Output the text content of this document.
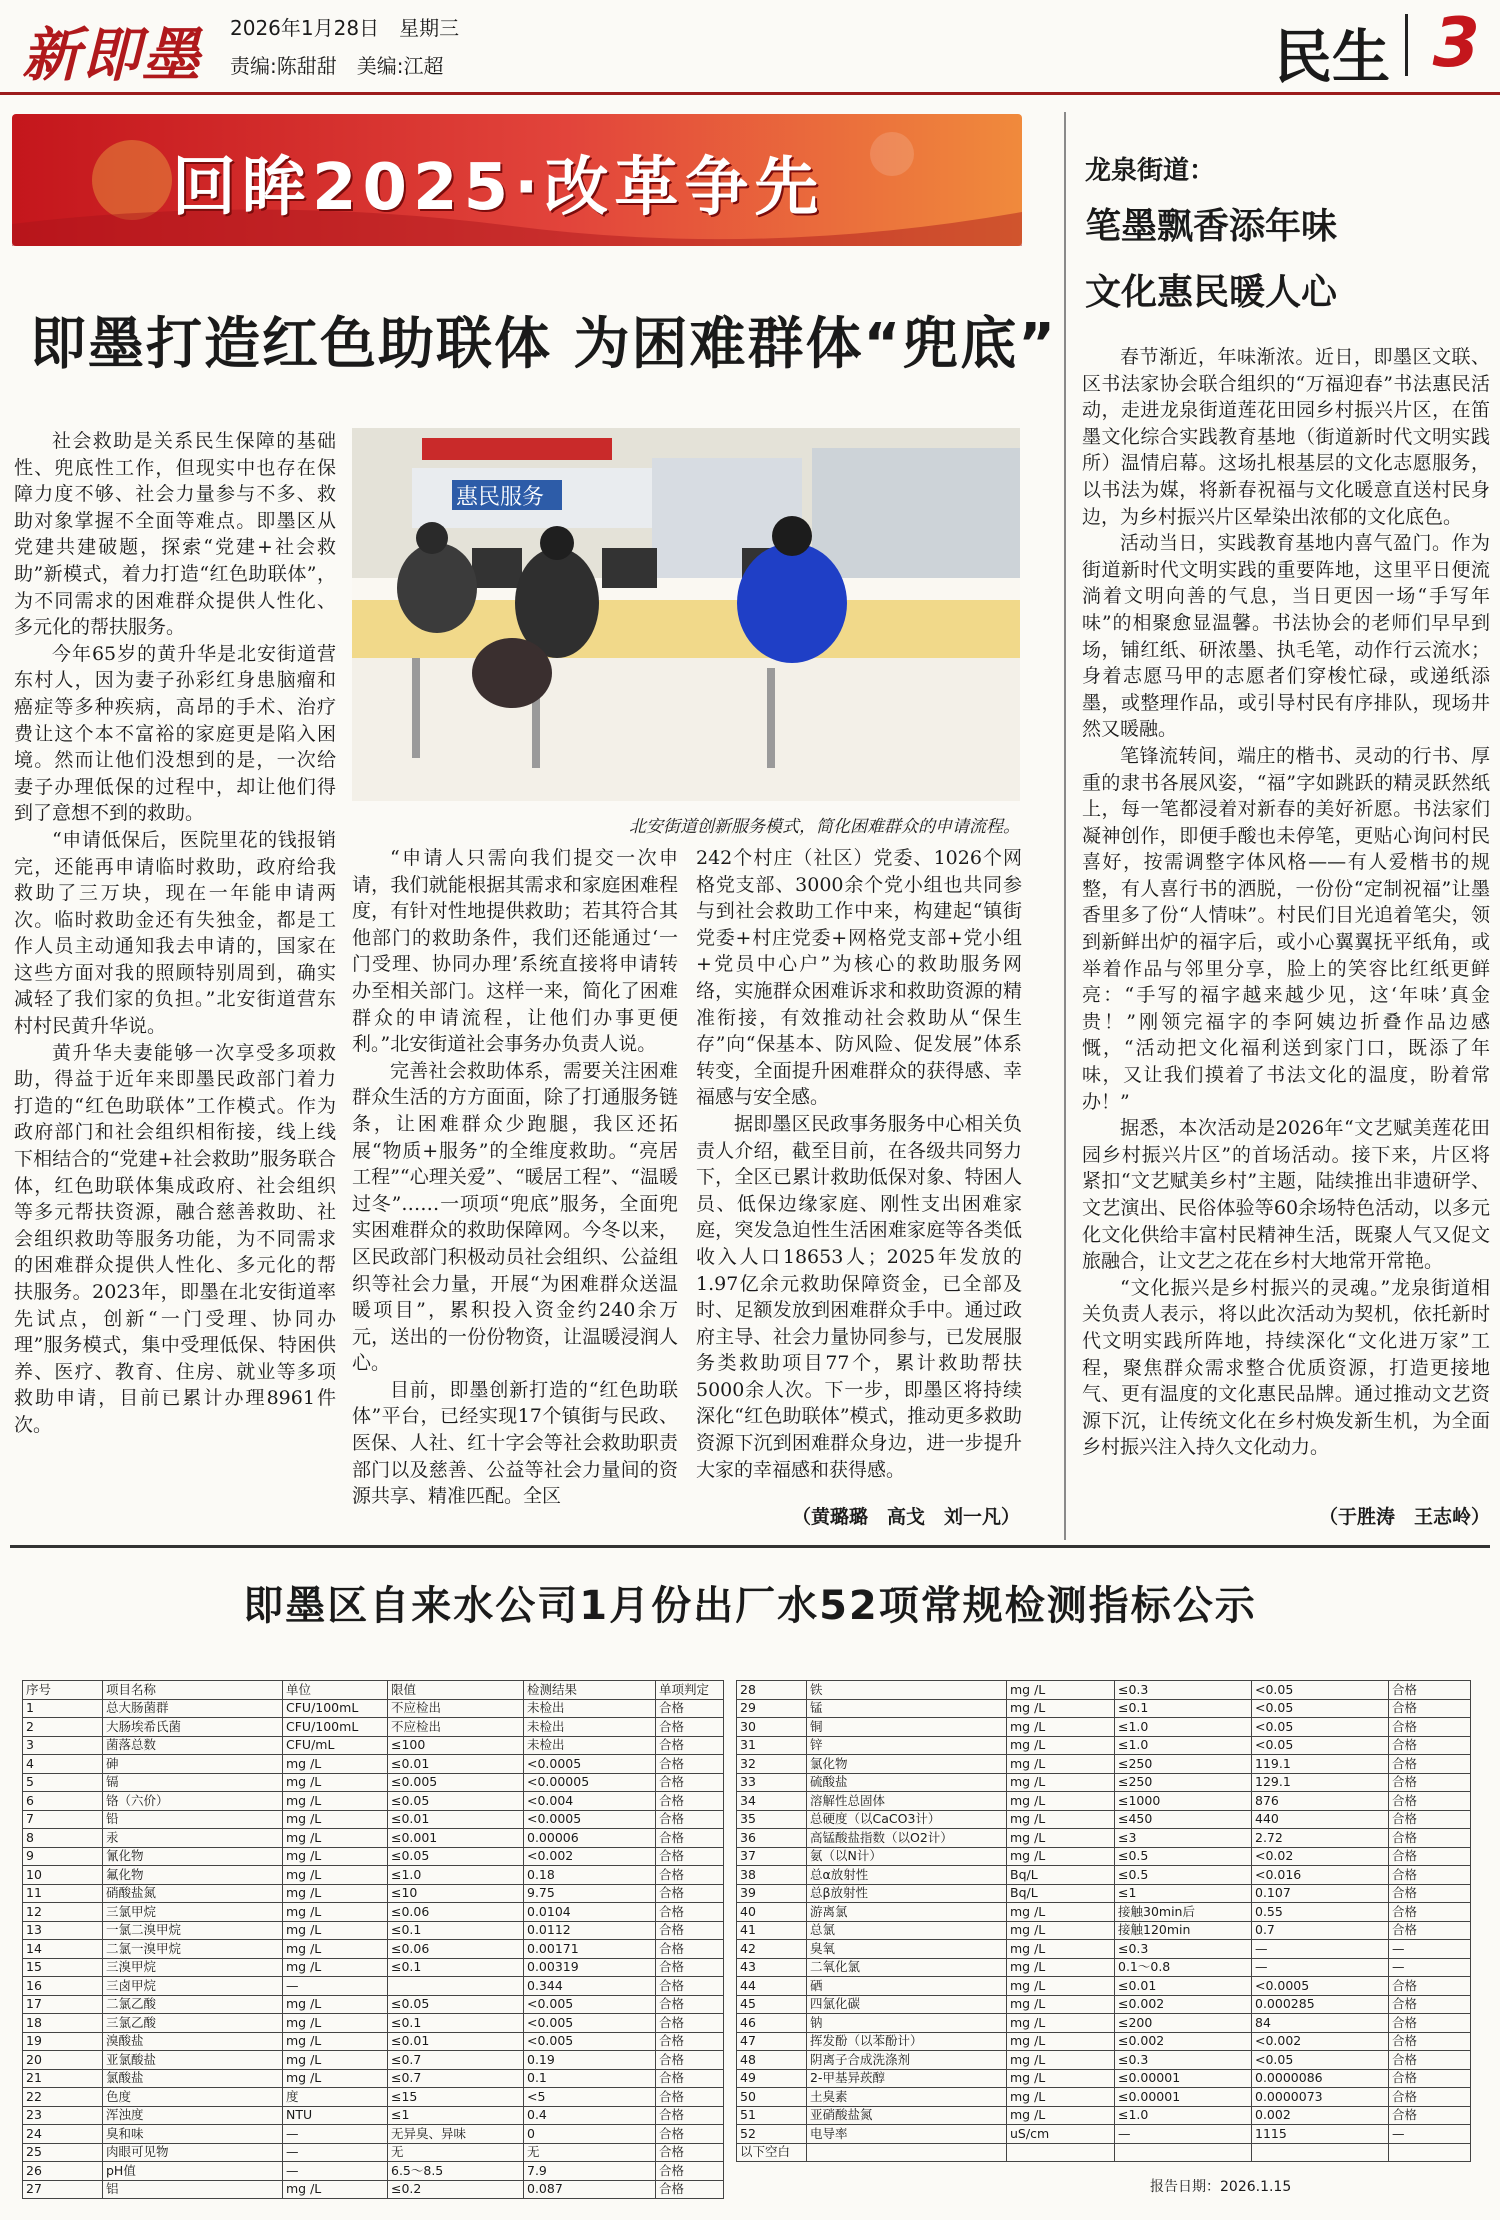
新即墨 2026年1月28日　星期三
责编:陈甜甜　美编:江超	民生 3
回眸2025·改革争先
即墨打造红色助联体 为困难群体“兜底”

社会救助是关系民生保障的基础性、兜底性工作，但现实中也存在保障力度不够、社会力量参与不多、救助对象掌握不全面等难点。即墨区从党建共建破题，探索“党建+社会救助”新模式，着力打造“红色助联体”，为不同需求的困难群众提供人性化、多元化的帮扶服务。

今年65岁的黄升华是北安街道营东村人，因为妻子孙彩红身患脑瘤和癌症等多种疾病，高昂的手术、治疗费让这个本不富裕的家庭更是陷入困境。然而让他们没想到的是，一次给妻子办理低保的过程中，却让他们得到了意想不到的救助。

“申请低保后，医院里花的钱报销完，还能再申请临时救助，政府给我救助了三万块，现在一年能申请两次。临时救助金还有失独金，都是工作人员主动通知我去申请的，国家在这些方面对我的照顾特别周到，确实减轻了我们家的负担。”北安街道营东村村民黄升华说。

黄升华夫妻能够一次享受多项救助，得益于近年来即墨民政部门着力打造的“红色助联体”工作模式。作为政府部门和社会组织相衔接，线上线下相结合的“党建+社会救助”服务联合体，红色助联体集成政府、社会组织等多元帮扶资源，融合慈善救助、社会组织救助等服务功能，为不同需求的困难群众提供人性化、多元化的帮扶服务。2023年，即墨在北安街道率先试点，创新“一门受理、协同办理”服务模式，集中受理低保、特困供养、医疗、教育、住房、就业等多项救助申请，目前已累计办理8961件次。

惠民服务
北安街道创新服务模式，简化困难群众的申请流程。

“申请人只需向我们提交一次申请，我们就能根据其需求和家庭困难程度，有针对性地提供救助；若其符合其他部门的救助条件，我们还能通过‘一门受理、协同办理’系统直接将申请转办至相关部门。这样一来，简化了困难群众的申请流程，让他们办事更便利。”北安街道社会事务办负责人说。

完善社会救助体系，需要关注困难群众生活的方方面面，除了打通服务链条，让困难群众少跑腿，我区还拓展“物质+服务”的全维度救助。“亮居工程”“心理关爱”、“暖居工程”、“温暖过冬”……一项项“兜底”服务，全面兜实困难群众的救助保障网。今冬以来，区民政部门积极动员社会组织、公益组织等社会力量，开展“为困难群众送温暖项目”，累积投入资金约240余万元，送出的一份份物资，让温暖浸润人心。

目前，即墨创新打造的“红色助联体”平台，已经实现17个镇街与民政、医保、人社、红十字会等社会救助职责部门以及慈善、公益等社会力量间的资源共享、精准匹配。全区

242个村庄（社区）党委、1026个网格党支部、3000余个党小组也共同参与到社会救助工作中来，构建起“镇街党委+村庄党委+网格党支部+党小组+党员中心户”为核心的救助服务网络，实施群众困难诉求和救助资源的精准衔接，有效推动社会救助从“保生存”向“保基本、防风险、促发展”体系转变，全面提升困难群众的获得感、幸福感与安全感。

据即墨区民政事务服务中心相关负责人介绍，截至目前，在各级共同努力下，全区已累计救助低保对象、特困人员、低保边缘家庭、刚性支出困难家庭，突发急迫性生活困难家庭等各类低收入人口18653人；2025年发放的1.97亿余元救助保障资金，已全部及时、足额发放到困难群众手中。通过政府主导、社会力量协同参与，已发展服务类救助项目77个，累计救助帮扶5000余人次。下一步，即墨区将持续深化“红色助联体”模式，推动更多救助资源下沉到困难群众身边，进一步提升大家的幸福感和获得感。

（黄璐璐　高戈　刘一凡）
龙泉街道：
笔墨飘香添年味
文化惠民暖人心

春节渐近，年味渐浓。近日，即墨区文联、区书法家协会联合组织的“万福迎春”书法惠民活动，走进龙泉街道莲花田园乡村振兴片区，在笛墨文化综合实践教育基地（街道新时代文明实践所）温情启幕。这场扎根基层的文化志愿服务，以书法为媒，将新春祝福与文化暖意直送村民身边，为乡村振兴片区晕染出浓郁的文化底色。

活动当日，实践教育基地内喜气盈门。作为街道新时代文明实践的重要阵地，这里平日便流淌着文明向善的气息，当日更因一场“手写年味”的相聚愈显温馨。书法协会的老师们早早到场，铺红纸、研浓墨、执毛笔，动作行云流水；身着志愿马甲的志愿者们穿梭忙碌，或递纸添墨，或整理作品，或引导村民有序排队，现场井然又暖融。

笔锋流转间，端庄的楷书、灵动的行书、厚重的隶书各展风姿，“福”字如跳跃的精灵跃然纸上，每一笔都浸着对新春的美好祈愿。书法家们凝神创作，即便手酸也未停笔，更贴心询问村民喜好，按需调整字体风格——有人爱楷书的规整，有人喜行书的洒脱，一份份“定制祝福”让墨香里多了份“人情味”。村民们目光追着笔尖，领到新鲜出炉的福字后，或小心翼翼抚平纸角，或举着作品与邻里分享，脸上的笑容比红纸更鲜亮：“手写的福字越来越少见，这‘年味’真金贵！”刚领完福字的李阿姨边折叠作品边感慨，“活动把文化福利送到家门口，既添了年味，又让我们摸着了书法文化的温度，盼着常办！”

据悉，本次活动是2026年“文艺赋美莲花田园乡村振兴片区”的首场活动。接下来，片区将紧扣“文艺赋美乡村”主题，陆续推出非遗研学、文艺演出、民俗体验等60余场特色活动，以多元化文化供给丰富村民精神生活，既聚人气又促文旅融合，让文艺之花在乡村大地常开常艳。

“文化振兴是乡村振兴的灵魂。”龙泉街道相关负责人表示，将以此次活动为契机，依托新时代文明实践所阵地，持续深化“文化进万家”工程，聚焦群众需求整合优质资源，打造更接地气、更有温度的文化惠民品牌。通过推动文艺资源下沉，让传统文化在乡村焕发新生机，为全面乡村振兴注入持久文化动力。

（于胜涛　王志岭）
即墨区自来水公司1月份出厂水52项常规检测指标公示
序号	项目名称	单位	限值	检测结果	单项判定
1	总大肠菌群	CFU/100mL	不应检出	未检出	合格
2	大肠埃希氏菌	CFU/100mL	不应检出	未检出	合格
3	菌落总数	CFU/mL	≤100	未检出	合格
4	砷	mg /L	≤0.01	<0.0005	合格
5	镉	mg /L	≤0.005	<0.00005	合格
6	铬（六价）	mg /L	≤0.05	<0.004	合格
7	铅	mg /L	≤0.01	<0.0005	合格
8	汞	mg /L	≤0.001	0.00006	合格
9	氰化物	mg /L	≤0.05	<0.002	合格
10	氟化物	mg /L	≤1.0	0.18	合格
11	硝酸盐氮	mg /L	≤10	9.75	合格
12	三氯甲烷	mg /L	≤0.06	0.0104	合格
13	一氯二溴甲烷	mg /L	≤0.1	0.0112	合格
14	二氯一溴甲烷	mg /L	≤0.06	0.00171	合格
15	三溴甲烷	mg /L	≤0.1	0.00319	合格
16	三卤甲烷	—		0.344	合格
17	二氯乙酸	mg /L	≤0.05	<0.005	合格
18	三氯乙酸	mg /L	≤0.1	<0.005	合格
19	溴酸盐	mg /L	≤0.01	<0.005	合格
20	亚氯酸盐	mg /L	≤0.7	0.19	合格
21	氯酸盐	mg /L	≤0.7	0.1	合格
22	色度	度	≤15	<5	合格
23	浑浊度	NTU	≤1	0.4	合格
24	臭和味	—	无异臭、异味	0	合格
25	肉眼可见物	—	无	无	合格
26	pH值	—	6.5～8.5	7.9	合格
27	铝	mg /L	≤0.2	0.087	合格
28	铁	mg /L	≤0.3	<0.05	合格
29	锰	mg /L	≤0.1	<0.05	合格
30	铜	mg /L	≤1.0	<0.05	合格
31	锌	mg /L	≤1.0	<0.05	合格
32	氯化物	mg /L	≤250	119.1	合格
33	硫酸盐	mg /L	≤250	129.1	合格
34	溶解性总固体	mg /L	≤1000	876	合格
35	总硬度（以CaCO3计）	mg /L	≤450	440	合格
36	高锰酸盐指数（以O2计）	mg /L	≤3	2.72	合格
37	氨（以N计）	mg /L	≤0.5	<0.02	合格
38	总α放射性	Bq/L	≤0.5	<0.016	合格
39	总β放射性	Bq/L	≤1	0.107	合格
40	游离氯	mg /L	接触30min后	0.55	合格
41	总氯	mg /L	接触120min	0.7	合格
42	臭氧	mg /L	≤0.3	—	—
43	二氧化氯	mg /L	0.1～0.8	—	—
44	硒	mg /L	≤0.01	<0.0005	合格
45	四氯化碳	mg /L	≤0.002	0.000285	合格
46	钠	mg /L	≤200	84	合格
47	挥发酚（以苯酚计）	mg /L	≤0.002	<0.002	合格
48	阴离子合成洗涤剂	mg /L	≤0.3	<0.05	合格
49	2-甲基异莰醇	mg /L	≤0.00001	0.0000086	合格
50	土臭素	mg /L	≤0.00001	0.0000073	合格
51	亚硝酸盐氮	mg /L	≤1.0	0.002	合格
52	电导率	uS/cm	—	1115	—
以下空白					
报告日期：2026.1.15
